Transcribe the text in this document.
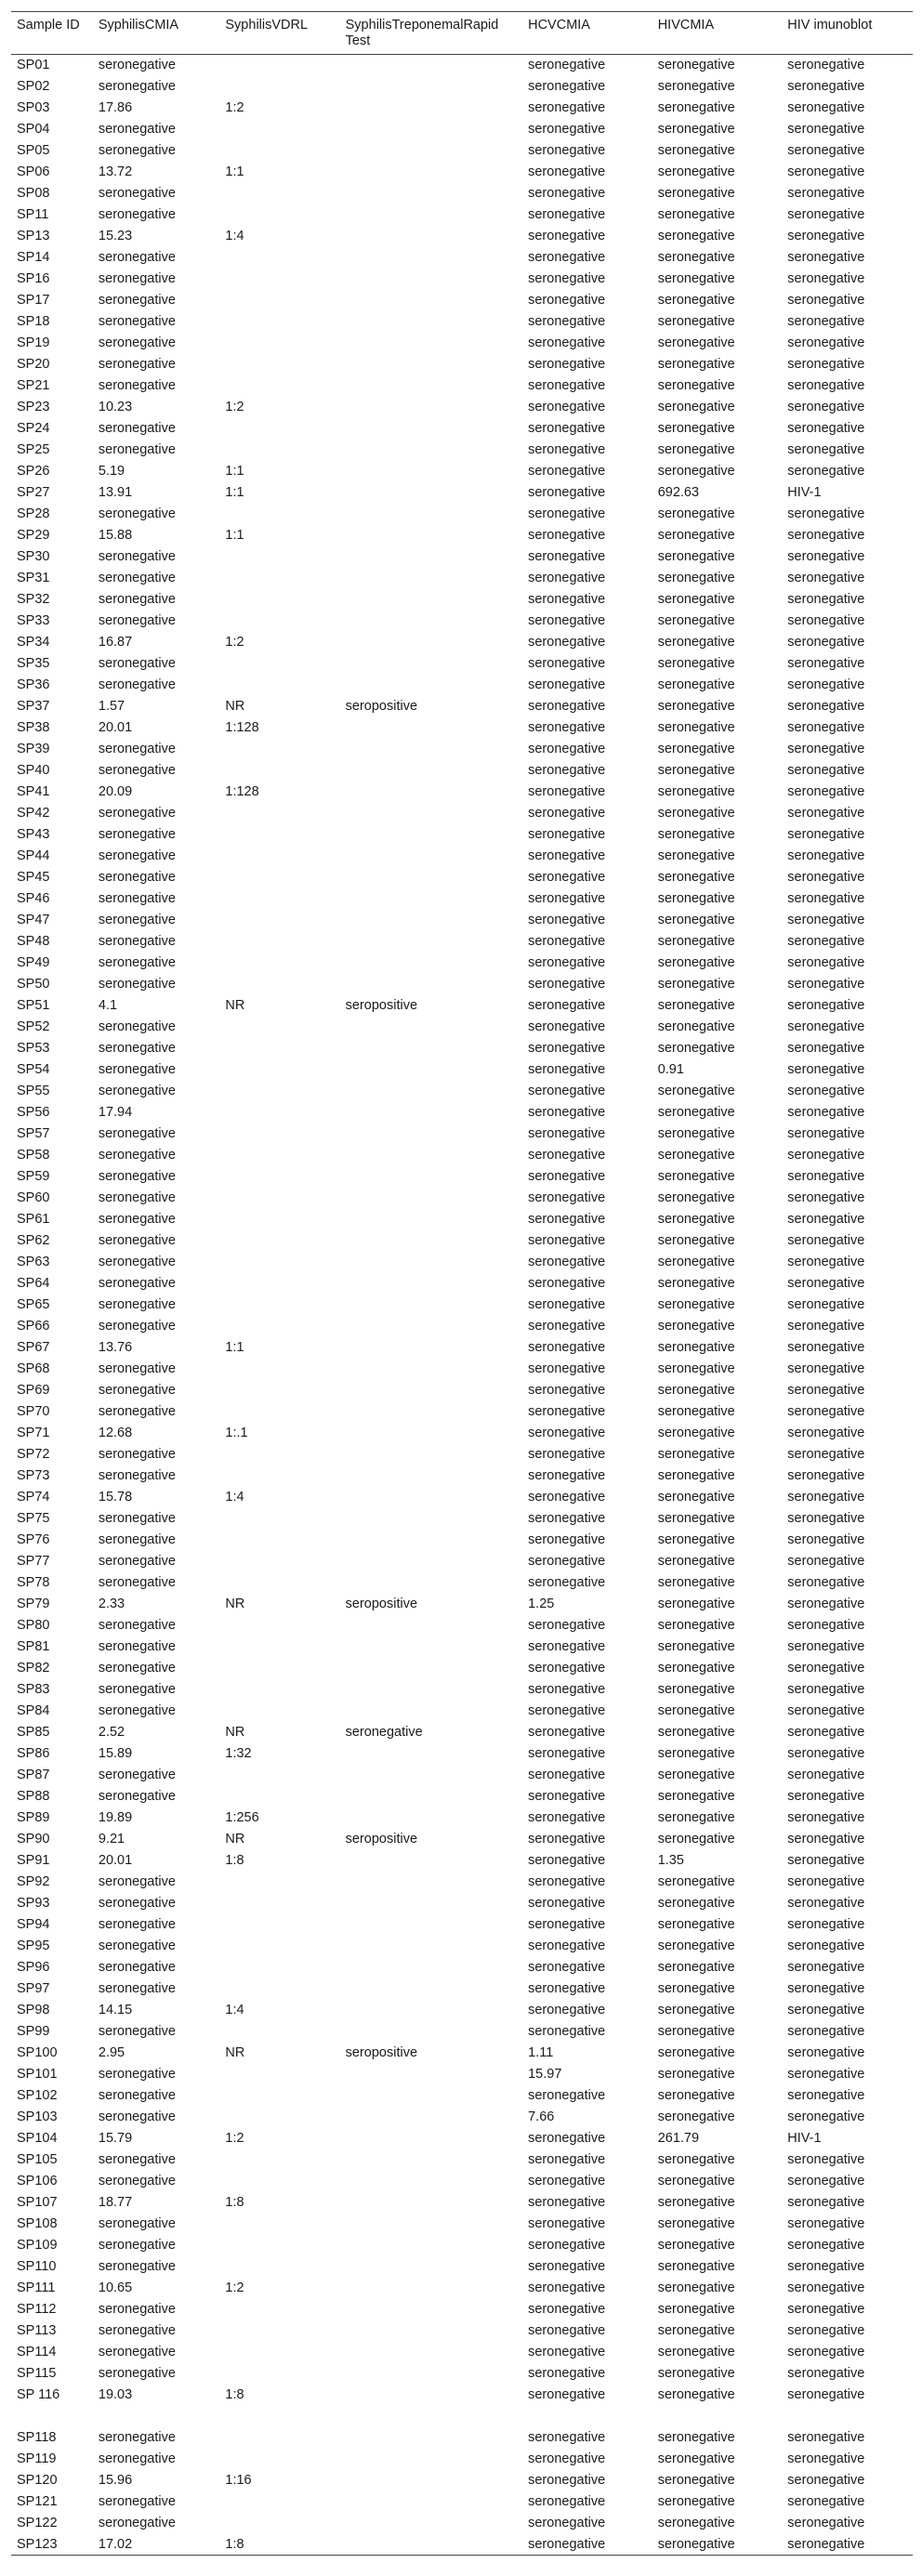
Sample ID	SyphilisCMIA	SyphilisVDRL	SyphilisTreponemalRapid Test	HCVCMIA	HIVCMIA	HIV imunoblot
SP01	seronegative			seronegative	seronegative	seronegative
SP02	seronegative			seronegative	seronegative	seronegative
SP03	17.86	1:2		seronegative	seronegative	seronegative
SP04	seronegative			seronegative	seronegative	seronegative
SP05	seronegative			seronegative	seronegative	seronegative
SP06	13.72	1:1		seronegative	seronegative	seronegative
SP08	seronegative			seronegative	seronegative	seronegative
SP11	seronegative			seronegative	seronegative	seronegative
SP13	15.23	1:4		seronegative	seronegative	seronegative
SP14	seronegative			seronegative	seronegative	seronegative
SP16	seronegative			seronegative	seronegative	seronegative
SP17	seronegative			seronegative	seronegative	seronegative
SP18	seronegative			seronegative	seronegative	seronegative
SP19	seronegative			seronegative	seronegative	seronegative
SP20	seronegative			seronegative	seronegative	seronegative
SP21	seronegative			seronegative	seronegative	seronegative
SP23	10.23	1:2		seronegative	seronegative	seronegative
SP24	seronegative			seronegative	seronegative	seronegative
SP25	seronegative			seronegative	seronegative	seronegative
SP26	5.19	1:1		seronegative	seronegative	seronegative
SP27	13.91	1:1		seronegative	692.63	HIV-1
SP28	seronegative			seronegative	seronegative	seronegative
SP29	15.88	1:1		seronegative	seronegative	seronegative
SP30	seronegative			seronegative	seronegative	seronegative
SP31	seronegative			seronegative	seronegative	seronegative
SP32	seronegative			seronegative	seronegative	seronegative
SP33	seronegative			seronegative	seronegative	seronegative
SP34	16.87	1:2		seronegative	seronegative	seronegative
SP35	seronegative			seronegative	seronegative	seronegative
SP36	seronegative			seronegative	seronegative	seronegative
SP37	1.57	NR	seropositive	seronegative	seronegative	seronegative
SP38	20.01	1:128		seronegative	seronegative	seronegative
SP39	seronegative			seronegative	seronegative	seronegative
SP40	seronegative			seronegative	seronegative	seronegative
SP41	20.09	1:128		seronegative	seronegative	seronegative
SP42	seronegative			seronegative	seronegative	seronegative
SP43	seronegative			seronegative	seronegative	seronegative
SP44	seronegative			seronegative	seronegative	seronegative
SP45	seronegative			seronegative	seronegative	seronegative
SP46	seronegative			seronegative	seronegative	seronegative
SP47	seronegative			seronegative	seronegative	seronegative
SP48	seronegative			seronegative	seronegative	seronegative
SP49	seronegative			seronegative	seronegative	seronegative
SP50	seronegative			seronegative	seronegative	seronegative
SP51	4.1	NR	seropositive	seronegative	seronegative	seronegative
SP52	seronegative			seronegative	seronegative	seronegative
SP53	seronegative			seronegative	seronegative	seronegative
SP54	seronegative			seronegative	0.91	seronegative
SP55	seronegative			seronegative	seronegative	seronegative
SP56	17.94			seronegative	seronegative	seronegative
SP57	seronegative			seronegative	seronegative	seronegative
SP58	seronegative			seronegative	seronegative	seronegative
SP59	seronegative			seronegative	seronegative	seronegative
SP60	seronegative			seronegative	seronegative	seronegative
SP61	seronegative			seronegative	seronegative	seronegative
SP62	seronegative			seronegative	seronegative	seronegative
SP63	seronegative			seronegative	seronegative	seronegative
SP64	seronegative			seronegative	seronegative	seronegative
SP65	seronegative			seronegative	seronegative	seronegative
SP66	seronegative			seronegative	seronegative	seronegative
SP67	13.76	1:1		seronegative	seronegative	seronegative
SP68	seronegative			seronegative	seronegative	seronegative
SP69	seronegative			seronegative	seronegative	seronegative
SP70	seronegative			seronegative	seronegative	seronegative
SP71	12.68	1:.1		seronegative	seronegative	seronegative
SP72	seronegative			seronegative	seronegative	seronegative
SP73	seronegative			seronegative	seronegative	seronegative
SP74	15.78	1:4		seronegative	seronegative	seronegative
SP75	seronegative			seronegative	seronegative	seronegative
SP76	seronegative			seronegative	seronegative	seronegative
SP77	seronegative			seronegative	seronegative	seronegative
SP78	seronegative			seronegative	seronegative	seronegative
SP79	2.33	NR	seropositive	1.25	seronegative	seronegative
SP80	seronegative			seronegative	seronegative	seronegative
SP81	seronegative			seronegative	seronegative	seronegative
SP82	seronegative			seronegative	seronegative	seronegative
SP83	seronegative			seronegative	seronegative	seronegative
SP84	seronegative			seronegative	seronegative	seronegative
SP85	2.52	NR	seronegative	seronegative	seronegative	seronegative
SP86	15.89	1:32		seronegative	seronegative	seronegative
SP87	seronegative			seronegative	seronegative	seronegative
SP88	seronegative			seronegative	seronegative	seronegative
SP89	19.89	1:256		seronegative	seronegative	seronegative
SP90	9.21	NR	seropositive	seronegative	seronegative	seronegative
SP91	20.01	1:8		seronegative	1.35	seronegative
SP92	seronegative			seronegative	seronegative	seronegative
SP93	seronegative			seronegative	seronegative	seronegative
SP94	seronegative			seronegative	seronegative	seronegative
SP95	seronegative			seronegative	seronegative	seronegative
SP96	seronegative			seronegative	seronegative	seronegative
SP97	seronegative			seronegative	seronegative	seronegative
SP98	14.15	1:4		seronegative	seronegative	seronegative
SP99	seronegative			seronegative	seronegative	seronegative
SP100	2.95	NR	seropositive	1.11	seronegative	seronegative
SP101	seronegative			15.97	seronegative	seronegative
SP102	seronegative			seronegative	seronegative	seronegative
SP103	seronegative			7.66	seronegative	seronegative
SP104	15.79	1:2		seronegative	261.79	HIV-1
SP105	seronegative			seronegative	seronegative	seronegative
SP106	seronegative			seronegative	seronegative	seronegative
SP107	18.77	1:8		seronegative	seronegative	seronegative
SP108	seronegative			seronegative	seronegative	seronegative
SP109	seronegative			seronegative	seronegative	seronegative
SP110	seronegative			seronegative	seronegative	seronegative
SP111	10.65	1:2		seronegative	seronegative	seronegative
SP112	seronegative			seronegative	seronegative	seronegative
SP113	seronegative			seronegative	seronegative	seronegative
SP114	seronegative			seronegative	seronegative	seronegative
SP115	seronegative			seronegative	seronegative	seronegative
SP 116	19.03	1:8		seronegative	seronegative	seronegative
SP118	seronegative			seronegative	seronegative	seronegative
SP119	seronegative			seronegative	seronegative	seronegative
SP120	15.96	1:16		seronegative	seronegative	seronegative
SP121	seronegative			seronegative	seronegative	seronegative
SP122	seronegative			seronegative	seronegative	seronegative
SP123	17.02	1:8		seronegative	seronegative	seronegative
